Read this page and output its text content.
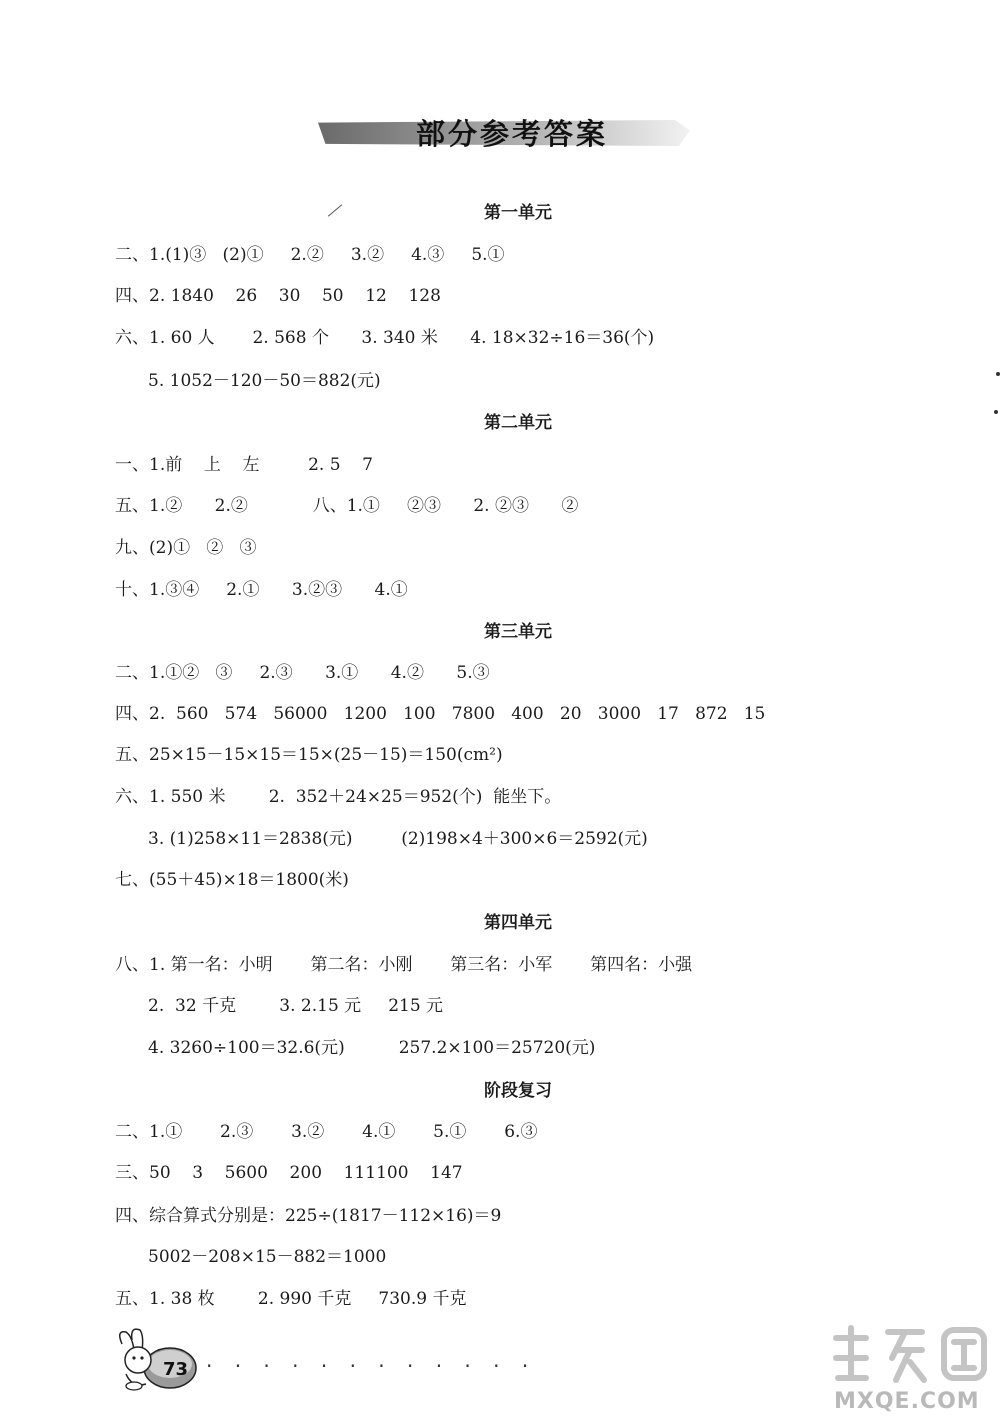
部分参考答案
第一单元
二、1.(1)③   (2)①     2.②     3.②     4.③     5.①
四、2. 1840    26    30    50    12    128
六、1. 60 人       2. 568 个      3. 340 米      4. 18×32÷16＝36(个)
5. 1052－120－50＝882(元)
第二单元
一、1.前    上    左         2. 5    7
五、1.②      2.②            八、1.①     ②③      2. ②③      ②
九、(2)①   ②   ③
十、1.③④     2.①      3.②③      4.①
第三单元
二、1.①②   ③     2.③      3.①      4.②      5.③
四、2.  560   574   56000   1200   100   7800   400   20   3000   17   872   15
五、25×15－15×15＝15×(25－15)＝150(cm²)
六、1. 550 米        2.  352＋24×25＝952(个)  能坐下。
3. (1)258×11＝2838(元)         (2)198×4＋300×6＝2592(元)
七、(55＋45)×18＝1800(米)
第四单元
八、1. 第一名：小明       第二名：小刚       第三名：小军       第四名：小强
2.  32 千克        3. 2.15 元     215 元
4. 3260÷100＝32.6(元)          257.2×100＝25720(元)
阶段复习
二、1.①       2.③       3.②       4.①       5.①       6.③
三、50    3    5600    200    111100    147
四、综合算式分别是：225÷(1817－112×16)＝9
5002－208×15－882＝1000
五、1. 38 枚        2. 990 千克     730.9 千克
73 · · · · · · · · · · · ·
MXQE.COM
